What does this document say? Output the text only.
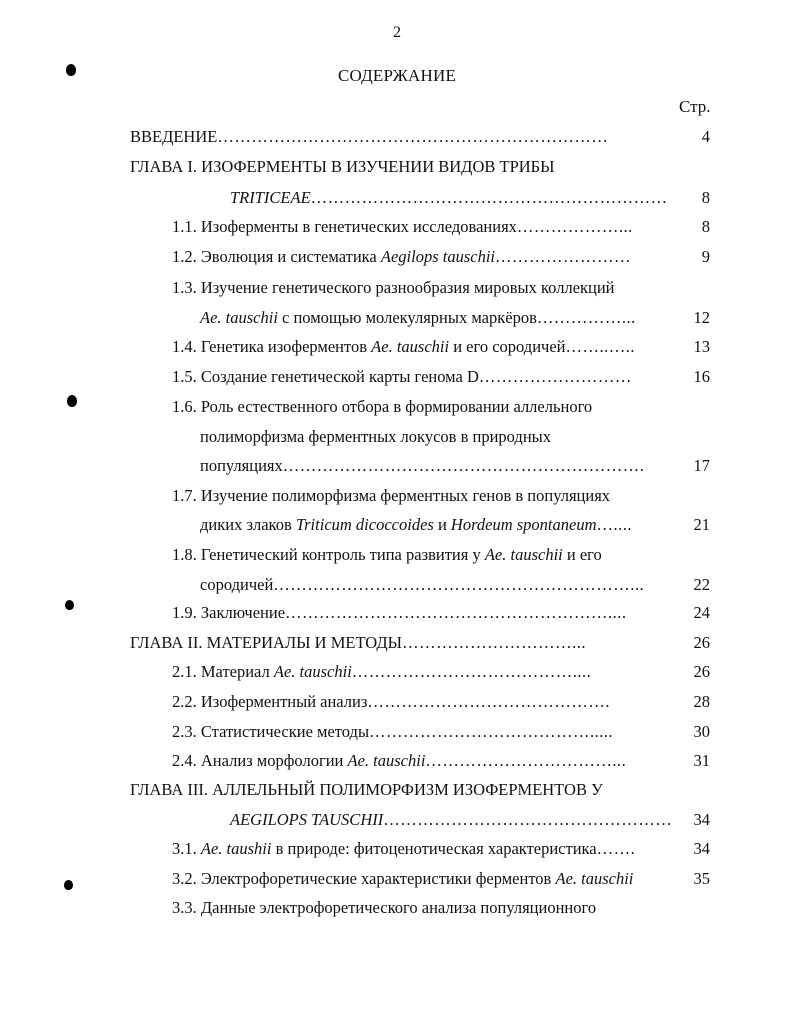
2
СОДЕРЖАНИЕ
Стр.
ВВЕДЕНИЕ……………………………………………………………	4
ГЛАВА I. ИЗОФЕРМЕНТЫ В ИЗУЧЕНИИ ВИДОВ ТРИБЫ
TRITICEAE………………………………………………………	8
1.1. Изоферменты в генетических исследованиях………………...	8
1.2. Эволюция и систематика Aegilops tauschii……………………	9
1.3. Изучение генетического разнообразия мировых коллекций
Ae. tauschii с помощью молекулярных маркёров……………...	12
1.4. Генетика изоферментов Ae. tauschii и его сородичей……..…..	13
1.5. Создание генетической карты генома D………………………	16
1.6. Роль естественного отбора в формировании аллельного
полиморфизма ферментных локусов в природных
популяциях……………………………………………………….	17
1.7. Изучение полиморфизма ферментных генов в популяциях
диких злаков Triticum dicoccoides и Hordeum spontaneum…....	21
1.8. Генетический контроль типа развития у Ae. tauschii и его
сородичей………………………………………………………...	22
1.9. Заключение…………………………………………………....	24
ГЛАВА II. МАТЕРИАЛЫ И МЕТОДЫ…………………………...	26
2.1. Материал Ae. tauschii…………………………………....	26
2.2. Изоферментный анализ…………………………………….	28
2.3. Статистические методы………………………………….....	30
2.4. Анализ морфологии Ae. tauschii……………………………...	31
ГЛАВА III. АЛЛЕЛЬНЫЙ ПОЛИМОРФИЗМ ИЗОФЕРМЕНТОВ У
AEGILOPS TAUSCHII……………………………………………	34
3.1. Ae. taushii в природе: фитоценотическая характеристика…….	34
3.2. Электрофоретические характеристики ферментов Ae. tauschii	35
3.3. Данные электрофоретического анализа популяционного
